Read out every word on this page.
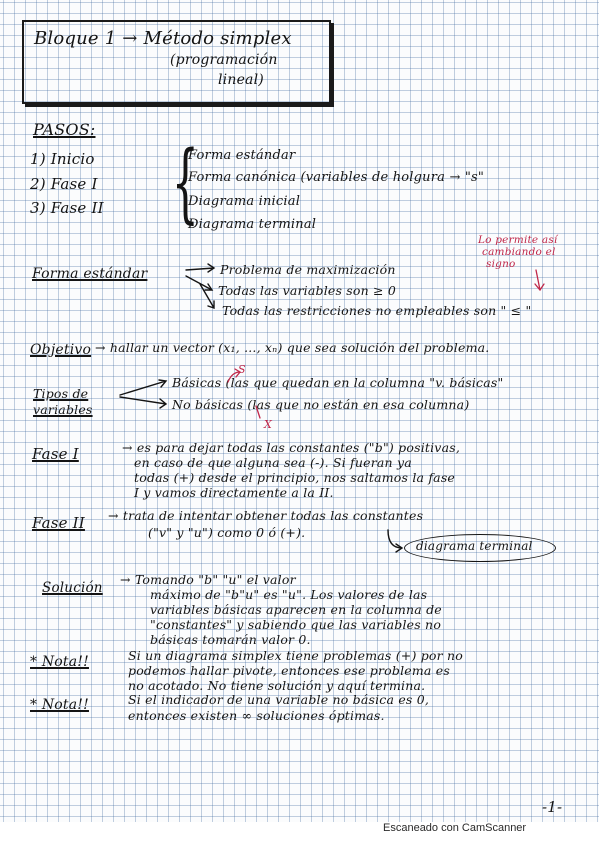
Bloque 1 → Método simplex
(programación
lineal)
PASOS:
1) Inicio
2) Fase I
3) Fase II {
Forma estándar
Forma canónica (variables de holgura → "s"
Diagrama inicial
Diagrama terminal
Lo permite así
cambiando el
signo
Forma estándar	Problema de maximización
Todas las variables son ≥ 0
Todas las restricciones no empleables son " ≤ "
Objetivo → hallar un vector (x₁, ..., xₙ) que sea solución del problema.
Tipos de
variables
Básicas (las que quedan en la columna "v. básicas"
No básicas (las que no están en esa columna)
S
X
Fase I	→ es para dejar todas las constantes ("b") positivas,
en caso de que alguna sea (-). Si fueran ya
todas (+) desde el principio, nos saltamos la fase
I y vamos directamente a la II.
Fase II → trata de intentar obtener todas las constantes
("v" y "u") como 0 ó (+).
diagrama terminal
Solución
→ Tomando "b" "u" el valor
máximo de "b"u" es "u". Los valores de las
variables básicas aparecen en la columna de
"constantes" y sabiendo que las variables no
básicas tomarán valor 0.
* Nota!!	Si un diagrama simplex tiene problemas (+) por no
podemos hallar pivote, entonces ese problema es
no acotado. No tiene solución y aquí termina.
* Nota!!	Si el indicador de una variable no básica es 0,
entonces existen ∞ soluciones óptimas.
-1-
Escaneado con CamScanner
